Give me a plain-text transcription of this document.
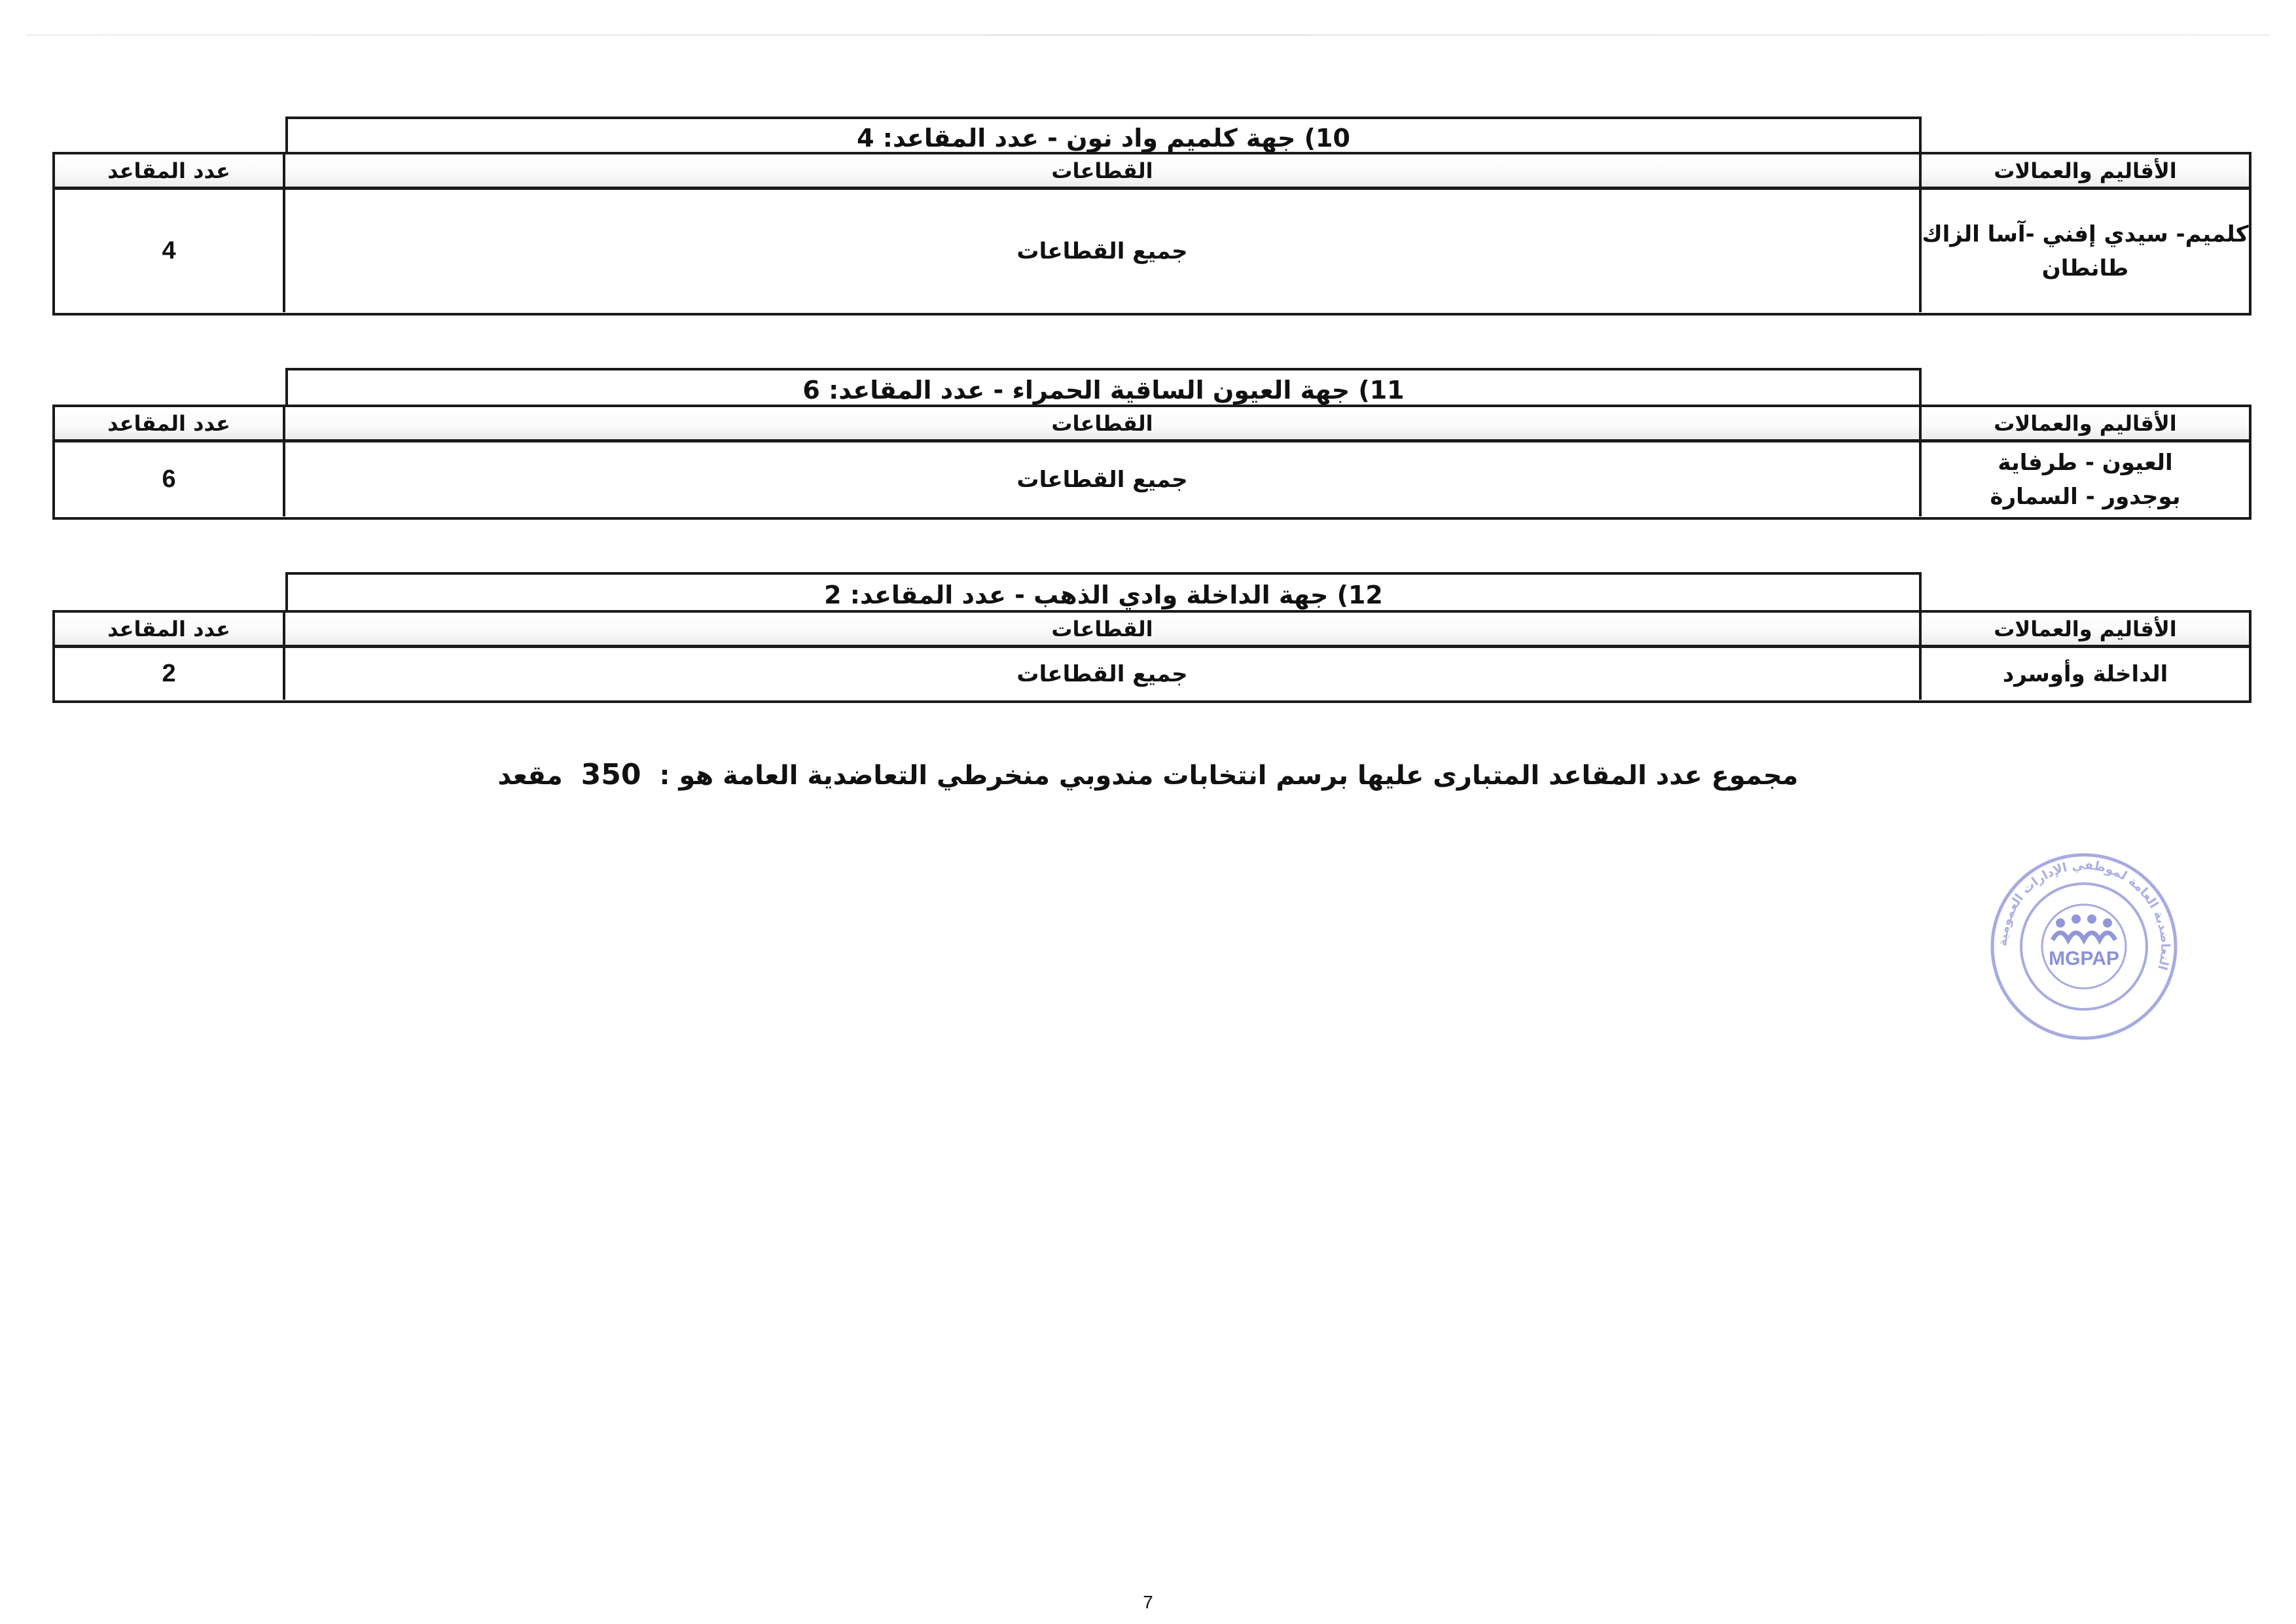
10) جهة كلميم واد نون - عدد المقاعد: 4
الأقاليم والعمالات
القطاعات
عدد المقاعد
كلميم- سيدي إفني -آسا الزاك
طانطان
جميع القطاعات
4
11) جهة العيون الساقية الحمراء - عدد المقاعد: 6
الأقاليم والعمالات
القطاعات
عدد المقاعد
العيون - طرفاية
بوجدور - السمارة
جميع القطاعات
6
12) جهة الداخلة وادي الذهب - عدد المقاعد: 2
الأقاليم والعمالات
القطاعات
عدد المقاعد
الداخلة وأوسرد
جميع القطاعات
2
مجموع عدد المقاعد المتبارى عليها برسم انتخابات مندوبي منخرطي التعاضدية العامة هو : 350 مقعد
التعاضدية العامة لموظفي الإدارات العمومية
MGPAP
7
